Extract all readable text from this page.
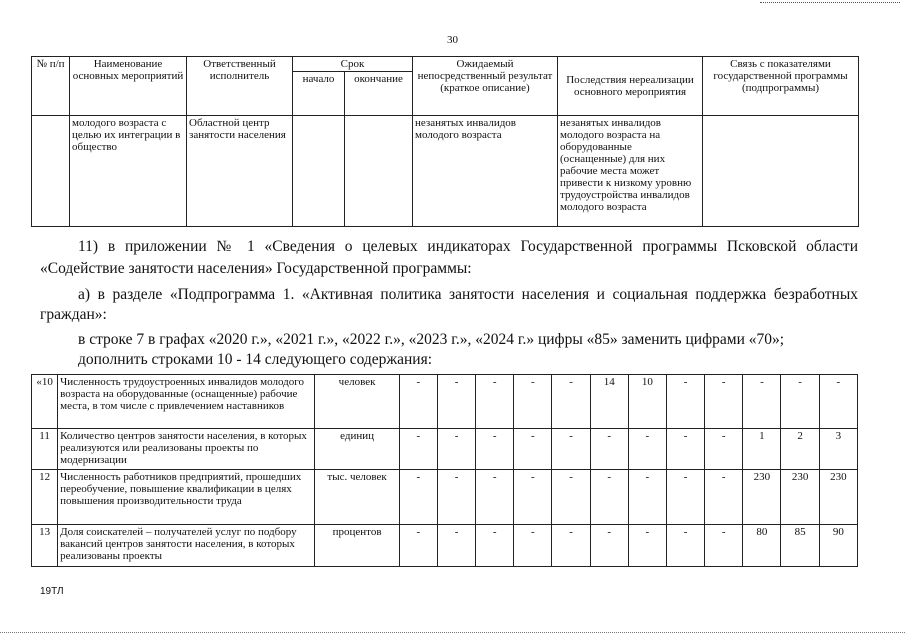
30
№ п/п	Наименование основных мероприятий	Ответственный исполнитель	Срок		Ожидаемый непосредственный результат (краткое описание)	Последствия нереализации основного мероприятия	Связь с показателями государственной программы (подпрограммы)
			начало	окончание			
	молодого возраста с целью их интеграции в общество	Областной центр занятости населения			незанятых инвалидов молодого возраста	незанятых инвалидов молодого возраста на оборудованные (оснащенные) для них рабочие места может привести к низкому уровню трудоустройства инвалидов молодого возраста	
11) в приложении № 1 «Сведения о целевых индикаторах Государственной программы Псковской области
«Содействие занятости населения» Государственной программы:
а) в разделе «Подпрограмма 1. «Активная политика занятости населения и социальная поддержка безработных
граждан»:
в строке 7 в графах «2020 г.», «2021 г.», «2022 г.», «2023 г.», «2024 г.» цифры «85» заменить цифрами «70»;
дополнить строками 10 - 14 следующего содержания:
«10	Численность трудоустроенных инвалидов молодого возраста на оборудованные (оснащенные) рабочие места, в том числе с привлечением наставников	человек	-	-	-	-	-	14	10	-	-	-	-	-
11	Количество центров занятости населения, в которых реализуются или реализованы проекты по модернизации	единиц	-	-	-	-	-	-	-	-	-	1	2	3
12	Численность работников предприятий, прошедших переобучение, повышение квалификации в целях повышения производительности труда	тыс. человек	-	-	-	-	-	-	-	-	-	230	230	230
13	Доля соискателей – получателей услуг по подбору вакансий центров занятости населения, в которых реализованы проекты	процентов	-	-	-	-	-	-	-	-	-	80	85	90
19ТЛ
